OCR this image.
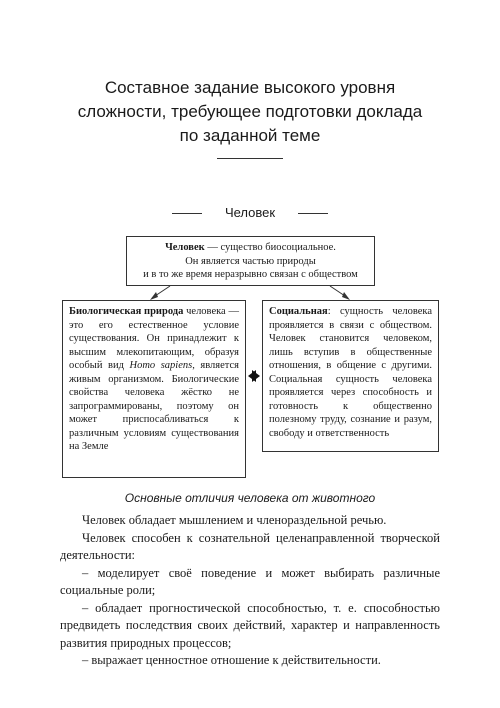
Составное задание высокого уровня
сложности, требующее подготовки доклада
по заданной теме
Человек
Человек — существо биосоциальное.
Он является частью природы
и в то же время неразрывно связан с обществом
Биологическая природа человека — это его естественное условие существования. Он принадлежит к высшим млекопитающим, образуя особый вид Homo sapiens, является живым организмом. Биологические свойства человека жёстко не запрограммированы, поэтому он может приспосабливаться к различным условиям существования на Земле
Социальная: сущность человека проявляется в связи с обществом. Человек становится человеком, лишь вступив в общественные отношения, в общение с другими. Социальная сущность человека проявляется через способность и готовность к общественно полезному труду, сознание и разум, свободу и ответственность
Основные отличия человека от животного

Человек обладает мышлением и членораздельной речью.

Человек способен к сознательной целенаправленной творческой деятельности:

– моделирует своё поведение и может выбирать различные социальные роли;

– обладает прогностической способностью, т. е. способностью предвидеть последствия своих действий, характер и направленность развития природных процессов;

– выражает ценностное отношение к действительности.
